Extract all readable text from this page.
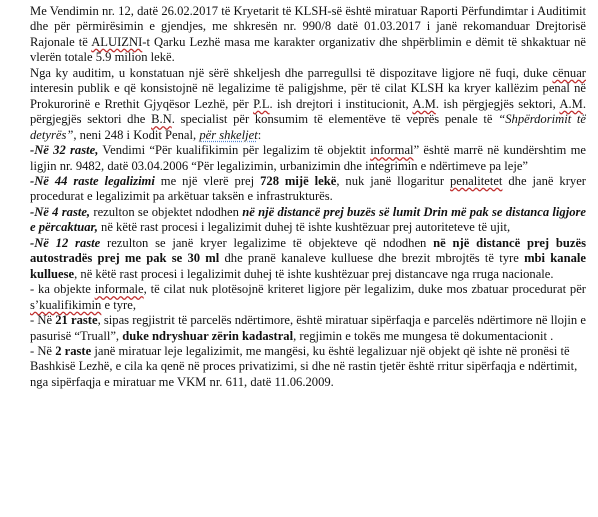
Me Vendimin nr. 12, datë 26.02.2017 të Kryetarit të KLSH-së është miratuar Raporti Përfundimtar i Auditimit dhe për përmirësimin e gjendjes, me shkresën nr. 990/8 datë 01.03.2017 i janë rekomanduar Drejtorisë Rajonale të ALUIZNI-t Qarku Lezhë masa me karakter organizativ dhe shpërblimin e dëmit të shkaktuar në vlerën totale 5.9 milion lekë.

Nga ky auditim, u konstatuan një sërë shkeljesh dhe parregullsi të dispozitave ligjore në fuqi, duke cënuar interesin publik e që konsistojnë në legalizime të paligjshme, për të cilat KLSH ka kryer kallëzim penal në Prokurorinë e Rrethit Gjyqësor Lezhë, për P.L. ish drejtori i institucionit, A.M. ish përgjegjës sektori, A.M. përgjegjës sektori dhe B.N. specialist për konsumim të elementëve të veprës penale të “Shpërdorimit të detyrës”, neni 248 i Kodit Penal, për shkeljet:

-Në 32 raste, Vendimi “Për kualifikimin për legalizim të objektit informal” është marrë në kundërshtim me ligjin nr. 9482, datë 03.04.2006 “Për legalizimin, urbanizimin dhe integrimin e ndërtimeve pa leje”

-Në 44 raste legalizimi me një vlerë prej 728 mijë lekë, nuk janë llogaritur penalitetet dhe janë kryer procedurat e legalizimit pa arkëtuar taksën e infrastrukturës.

-Në 4 raste, rezulton se objektet ndodhen në një distancë prej buzës së lumit Drin më pak se distanca ligjore e përcaktuar, në këtë rast procesi i legalizimit duhej të ishte kushtëzuar prej autoriteteve të ujit,

-Në 12 raste rezulton se janë kryer legalizime të objekteve që ndodhen në një distancë prej buzës autostradës prej me pak se 30 ml dhe pranë kanaleve kulluese dhe brezit mbrojtës të tyre mbi kanale kulluese, në këtë rast procesi i legalizimit duhej të ishte kushtëzuar prej distancave nga rruga nacionale.

- ka objekte informale, të cilat nuk plotësojnë kriteret ligjore për legalizim, duke mos zbatuar procedurat për s’kualifikimin e tyre,

- Në 21 raste, sipas regjistrit të parcelës ndërtimore, është miratuar sipërfaqja e parcelës ndërtimore në llojin e pasurisë “Truall”, duke ndryshuar zërin kadastral, regjimin e tokës me mungesa të dokumentacionit .

- Në 2 raste janë miratuar leje legalizimit, me mangësi, ku është legalizuar një objekt që ishte në pronësi të Bashkisë Lezhë, e cila ka qenë në proces privatizimi, si dhe në rastin tjetër është rritur sipërfaqja e ndërtimit, nga sipërfaqja e miratuar me VKM nr. 611, datë 11.06.2009.
